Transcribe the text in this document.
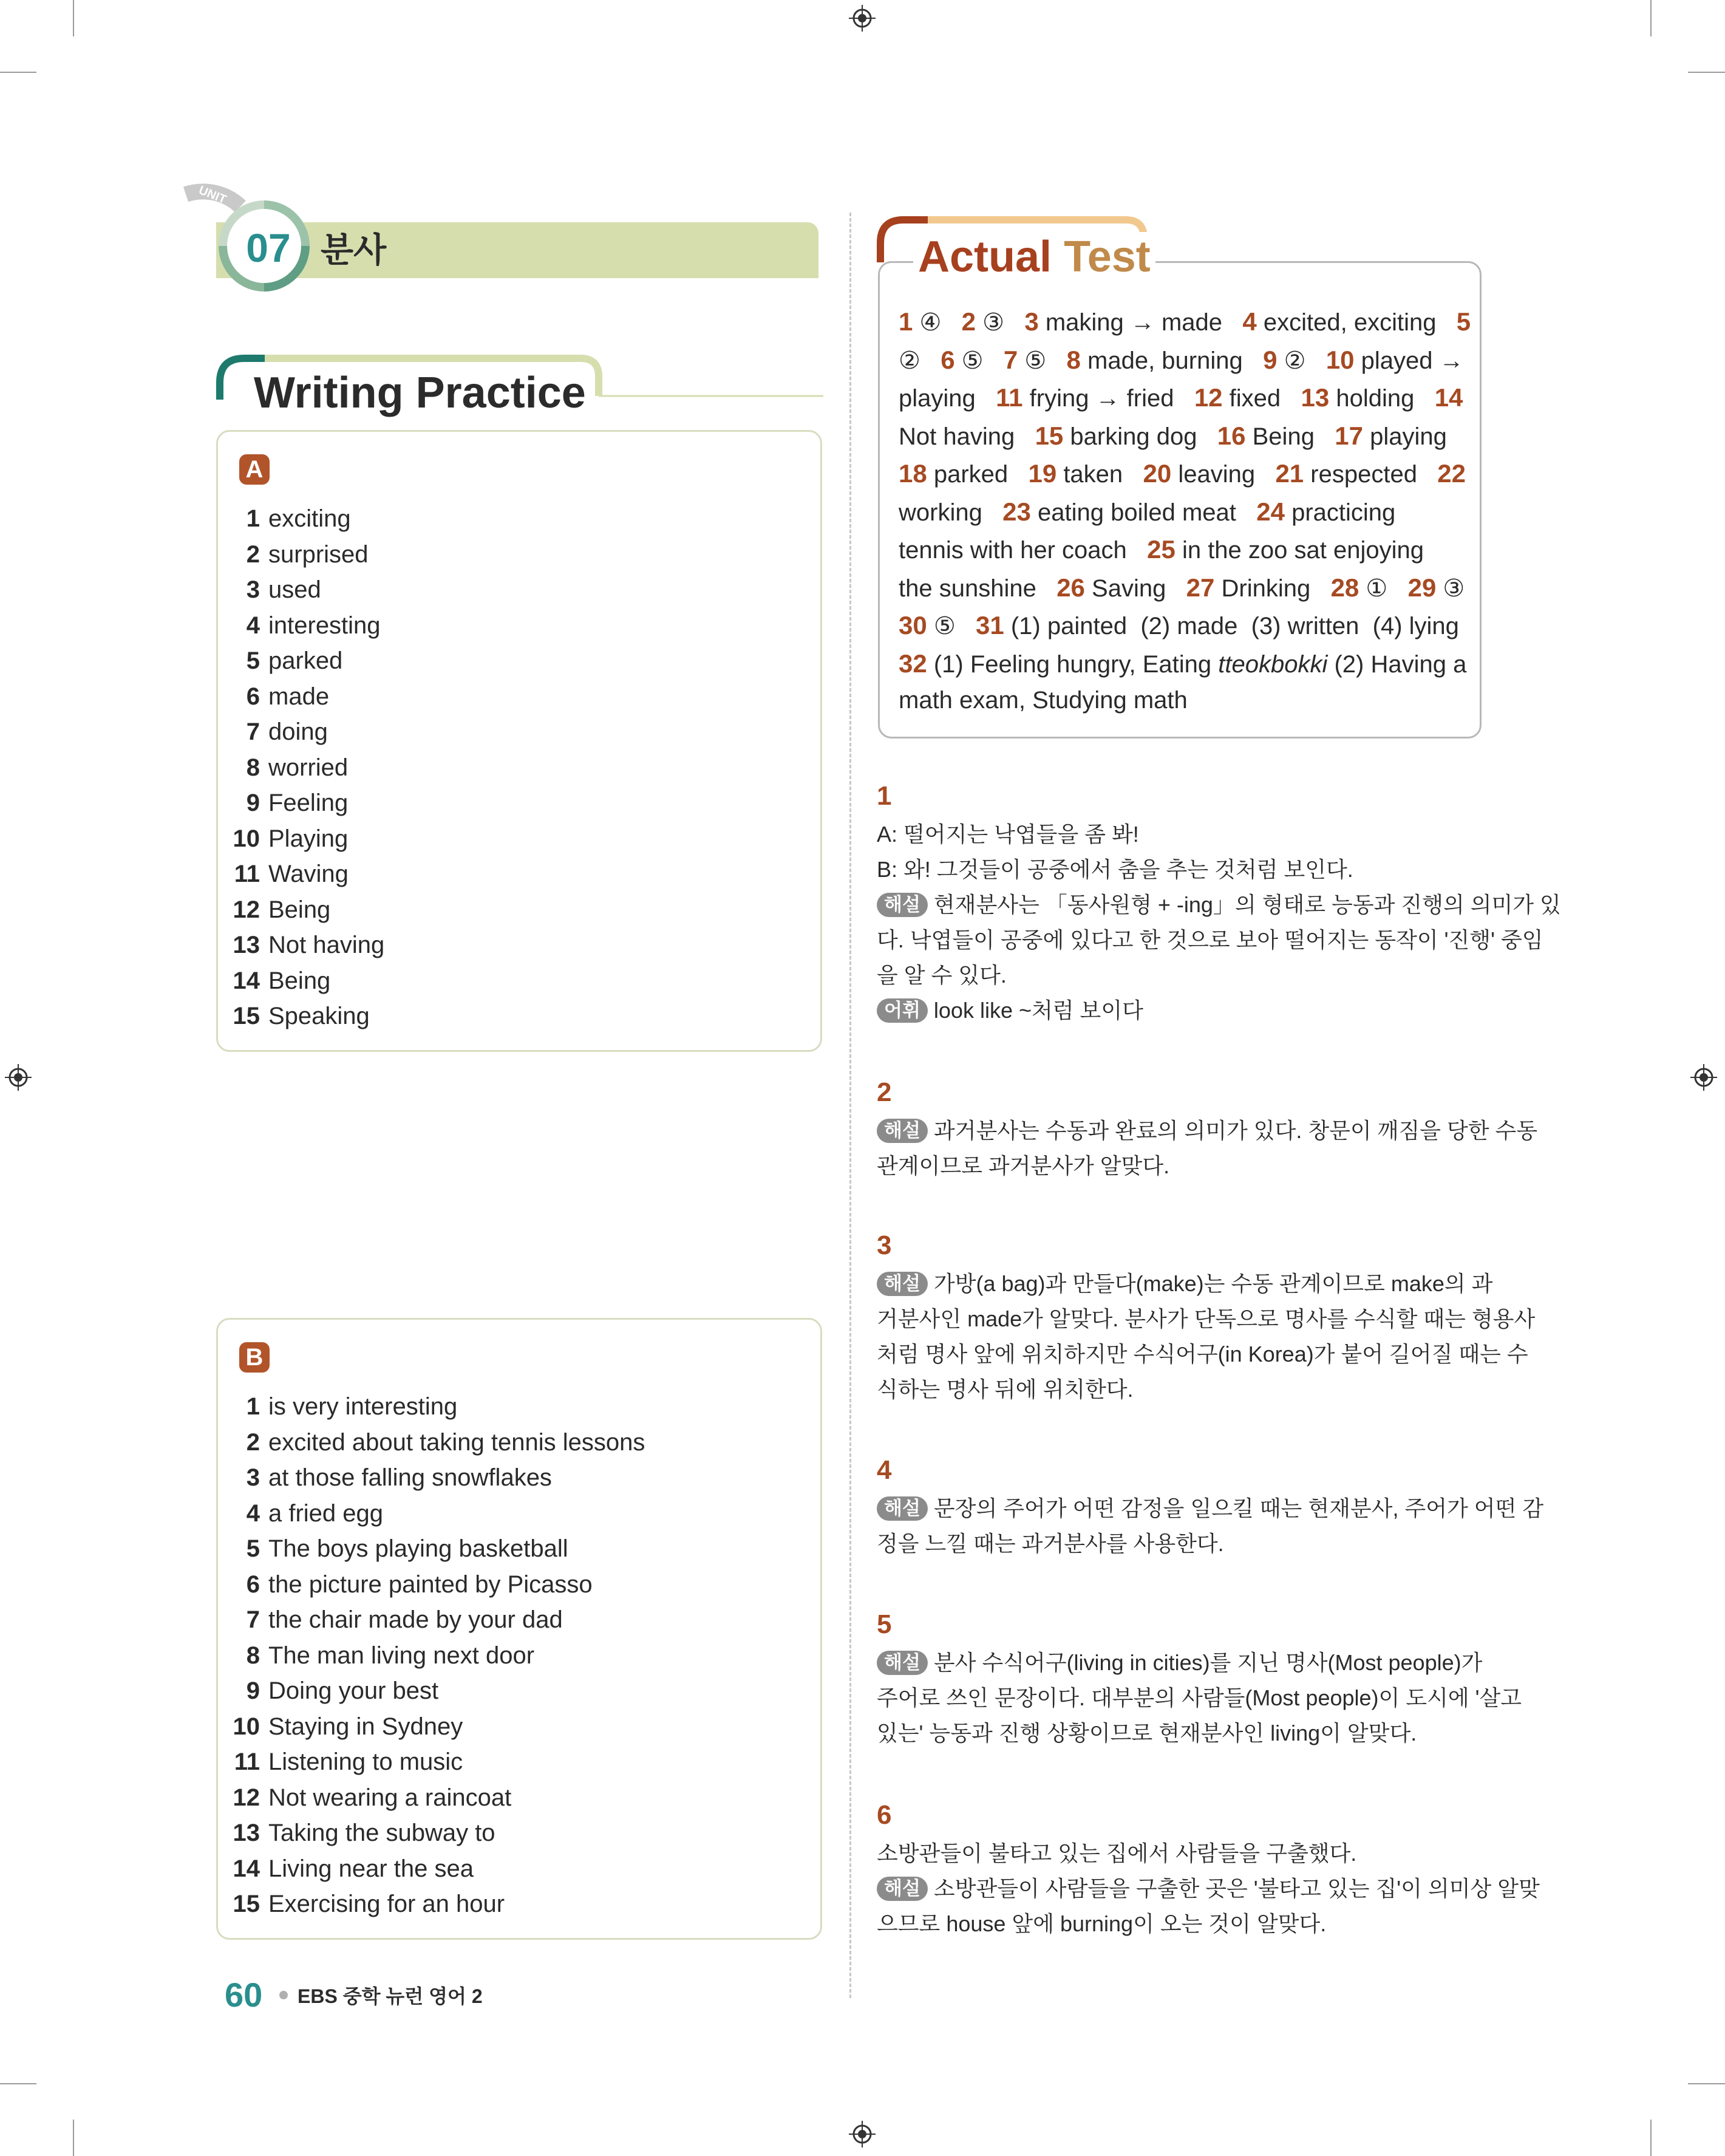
UNIT
07 분사
Writing Practice
A
1 exciting
2 surprised
3 used
4 interesting
5 parked
6 made
7 doing
8 worried
9 Feeling
10 Playing
11 Waving
12 Being
13 Not having
14 Being
15 Speaking
B
1 is very interesting
2 excited about taking tennis lessons
3 at those falling snowflakes
4 a fried egg
5 The boys playing basketball
6 the picture painted by Picasso
7 the chair made by your dad
8 The man living next door
9 Doing your best
10 Staying in Sydney
11 Listening to music
12 Not wearing a raincoat
13 Taking the subway to
14 Living near the sea
15 Exercising for an hour
Actual Test
1 ④   2 ③   3 making → made   4 excited, exciting   5
②   6 ⑤   7 ⑤   8 made, burning   9 ②   10 played →
playing   11 frying → fried   12 fixed   13 holding   14
Not having   15 barking dog   16 Being   17 playing
18 parked   19 taken   20 leaving   21 respected   22
working   23 eating boiled meat   24 practicing
tennis with her coach   25 in the zoo sat enjoying
the sunshine   26 Saving   27 Drinking   28 ①   29 ③
30 ⑤   31 (1) painted  (2) made  (3) written  (4) lying
32 (1) Feeling hungry, Eating tteokbokki (2) Having a
math exam, Studying math
1
A: 떨어지는 낙엽들을 좀 봐!
B: 와! 그것들이 공중에서 춤을 추는 것처럼 보인다.
해설 현재분사는 「동사원형 + -ing」의 형태로 능동과 진행의 의미가 있
다. 낙엽들이 공중에 있다고 한 것으로 보아 떨어지는 동작이 '진행' 중임
을 알 수 있다.
어휘 look like ~처럼 보이다
2
해설 과거분사는 수동과 완료의 의미가 있다. 창문이 깨짐을 당한 수동
관계이므로 과거분사가 알맞다.
3
해설 가방(a bag)과 만들다(make)는 수동 관계이므로 make의 과
거분사인 made가 알맞다. 분사가 단독으로 명사를 수식할 때는 형용사
처럼 명사 앞에 위치하지만 수식어구(in Korea)가 붙어 길어질 때는 수
식하는 명사 뒤에 위치한다.
4
해설 문장의 주어가 어떤 감정을 일으킬 때는 현재분사, 주어가 어떤 감
정을 느낄 때는 과거분사를 사용한다.
5
해설 분사 수식어구(living in cities)를 지닌 명사(Most people)가
주어로 쓰인 문장이다. 대부분의 사람들(Most people)이 도시에 '살고
있는' 능동과 진행 상황이므로 현재분사인 living이 알맞다.
6
소방관들이 불타고 있는 집에서 사람들을 구출했다.
해설 소방관들이 사람들을 구출한 곳은 '불타고 있는 집'이 의미상 알맞
으므로 house 앞에 burning이 오는 것이 알맞다.
60 EBS 중학 뉴런 영어 2
